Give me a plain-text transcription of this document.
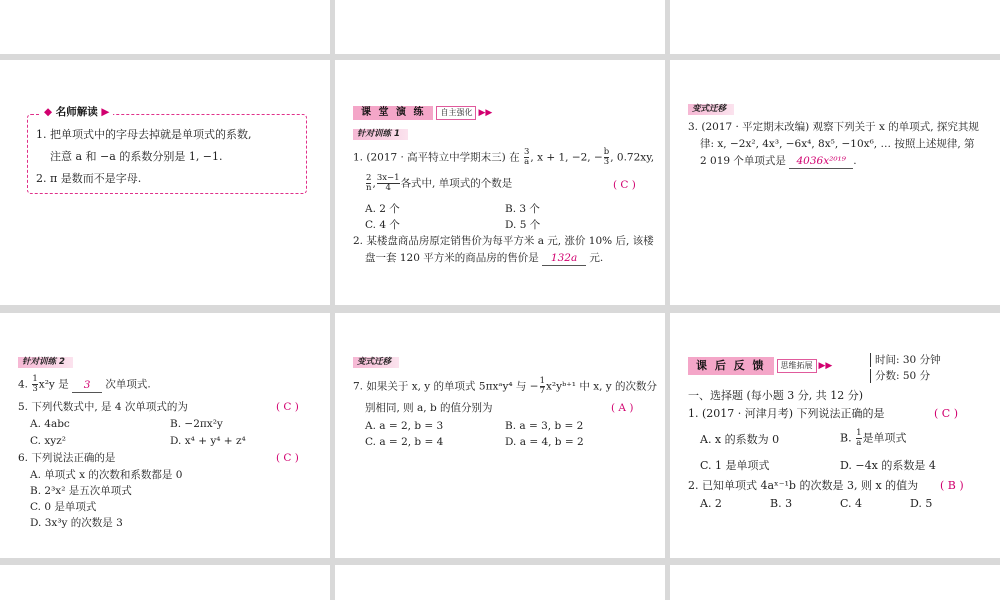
◆ 名师解读 ▶
1. 把单项式中的字母去掉就是单项式的系数,
注意 a 和 −a 的系数分别是 1, −1.
2. π 是数而不是字母.
课 堂 演 练	自主强化 ▶▶
针对训练 1
1. (2017 · 高平特立中学期末三) 在 $\frac{3}{a}$ , x + 1, −2, − $\frac{b}{3}$ , 0.72xy,
$\frac{2}{n}$ , $\frac{3x-1}{4}$ 各式中, 单项式的个数是	( C )
A. 2 个	B. 3 个
C. 4 个	D. 5 个
2. 某楼盘商品房原定销售价为每平方米 a 元, 涨价 10% 后, 该楼
盘一套 120 平方米的商品房的售价是 132a 元.
变式迁移
3. (2017 · 平定期末改编) 观察下列关于 x 的单项式, 探究其规
律: x, −2x², 4x³, −6x⁴, 8x⁵, −10x⁶, … 按照上述规律, 第
2 019 个单项式是 4036x²⁰¹⁹ .
针对训练 2
4. $\frac{1}{3} x^2y$ 是 3 次单项式.
5. 下列代数式中, 是 4 次单项式的为	( C )
A. 4abc	B. −2πx²y
C. xyz²	D. x⁴ + y⁴ + z⁴
6. 下列说法正确的是	( C )
A. 单项式 x 的次数和系数都是 0
B. 2³x² 是五次单项式
C. 0 是单项式
D. 3x³y 的次数是 3
变式迁移
7. 如果关于 x, y 的单项式 5πxᵃy⁴ 与 − $\frac{1}{7}$ x²yᵇ⁺¹ 中 x, y 的次数分
别相同, 则 a, b 的值分别为	( A )
A. a = 2, b = 3	B. a = 3, b = 2
C. a = 2, b = 4	D. a = 4, b = 2
课 后 反 馈	思维拓展 ▶▶	时间: 30 分钟
分数: 50 分
一、选择题 (每小题 3 分, 共 12 分)
1. (2017 · 河津月考) 下列说法正确的是	( C )
A. x 的系数为 0	B. $\frac{1}{a}$ 是单项式
C. 1 是单项式	D. −4x 的系数是 4
2. 已知单项式 4aˣ⁻¹b 的次数是 3, 则 x 的值为 ( B )
A. 2	B. 3	C. 4	D. 5
